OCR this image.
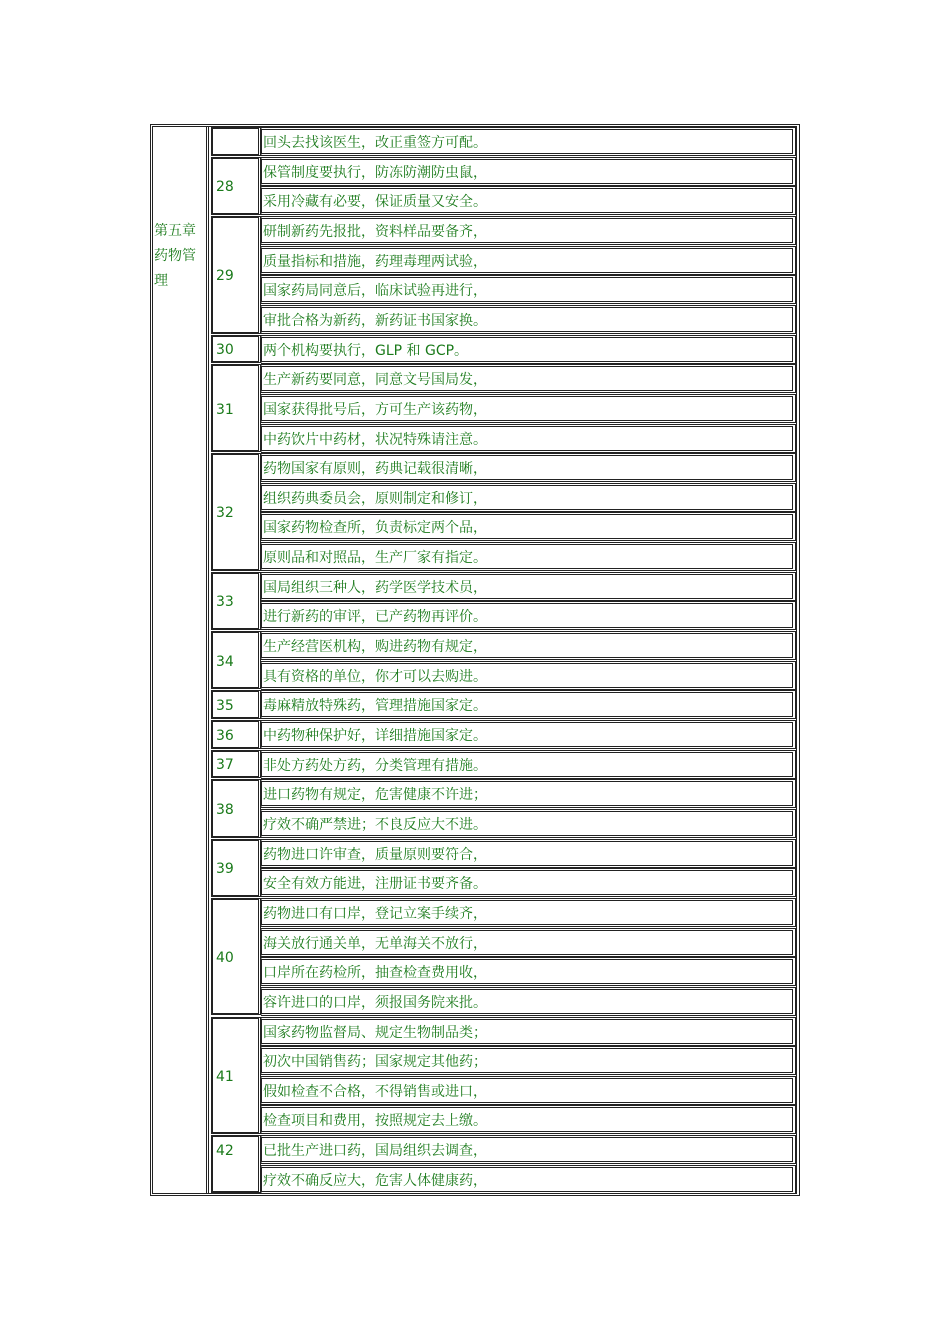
第五章
药物管
理
回头去找该医生，改正重签方可配。
28
保管制度要执行，防冻防潮防虫鼠，
采用冷藏有必要，保证质量又安全。
29
研制新药先报批，资料样品要备齐，
质量指标和措施，药理毒理两试验，
国家药局同意后，临床试验再进行，
审批合格为新药，新药证书国家换。
30 两个机构要执行，GLP 和 GCP。
31
生产新药要同意，同意文号国局发，
国家获得批号后，方可生产该药物，
中药饮片中药材，状况特殊请注意。
32
药物国家有原则，药典记载很清晰，
组织药典委员会，原则制定和修订，
国家药物检查所，负责标定两个品，
原则品和对照品，生产厂家有指定。
33
国局组织三种人，药学医学技术员，
进行新药的审评，已产药物再评价。
34
生产经营医机构，购进药物有规定，
具有资格的单位，你才可以去购进。
35 毒麻精放特殊药，管理措施国家定。
36 中药物种保护好，详细措施国家定。
37 非处方药处方药，分类管理有措施。
38
进口药物有规定，危害健康不许进；
疗效不确严禁进；不良反应大不进。
39
药物进口许审查，质量原则要符合，
安全有效方能进，注册证书要齐备。
40
药物进口有口岸，登记立案手续齐，
海关放行通关单，无单海关不放行，
口岸所在药检所，抽查检查费用收，
容许进口的口岸，须报国务院来批。
41
国家药物监督局、规定生物制品类；
初次中国销售药；国家规定其他药；
假如检查不合格，不得销售或进口，
检查项目和费用，按照规定去上缴。
42 已批生产进口药，国局组织去调查，
疗效不确反应大，危害人体健康药，
